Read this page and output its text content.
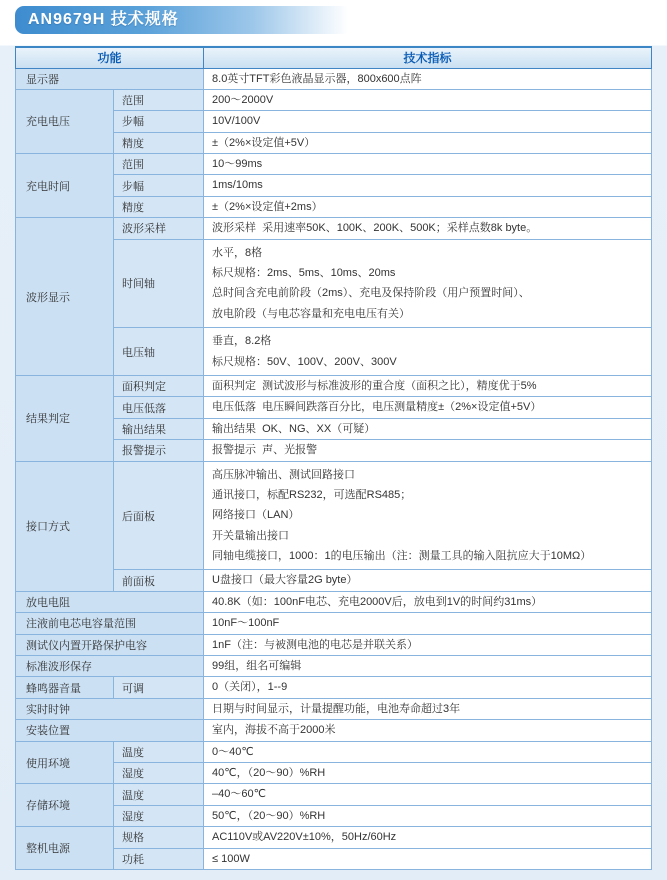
AN9679H 技术规格
功能		技术指标
显示器		8.0英寸TFT彩色液晶显示器，800x600点阵

充电电压	范围	200～2000V

	步幅	10V/100V

	精度	±（2%×设定值+5V）

充电时间	范围	10～99ms

	步幅	1ms/10ms

	精度	±（2%×设定值+2ms）

波形显示	波形采样	波形采样  采用速率50K、100K、200K、500K；采样点数8k byte。

	时间轴	水平，8格
标尺规格：2ms、5ms、10ms、20ms
总时间含充电前阶段（2ms）、充电及保持阶段（用户预置时间）、
放电阶段（与电芯容量和充电电压有关）

	电压轴	垂直，8.2格
标尺规格：50V、100V、200V、300V

结果判定	面积判定	面积判定  测试波形与标准波形的重合度（面积之比），精度优于5%

	电压低落	电压低落  电压瞬间跌落百分比，电压测量精度±（2%×设定值+5V）

	输出结果	输出结果  OK、NG、XX（可疑）

	报警提示	报警提示  声、光报警

接口方式	后面板	高压脉冲输出、测试回路接口
通讯接口，标配RS232，可选配RS485；
网络接口（LAN）
开关量输出接口
同轴电缆接口，1000：1的电压输出（注：测量工具的输入阻抗应大于10MΩ）

	前面板	U盘接口（最大容量2G byte）

放电电阻		40.8K（如：100nF电芯、充电2000V后，放电到1V的时间约31ms）

注液前电芯电容量范围		10nF～100nF

测试仪内置开路保护电容		1nF（注：与被测电池的电芯是并联关系）

标准波形保存		99组，组名可编辑

蜂鸣器音量	可调	0（关闭），1--9

实时时钟		日期与时间显示，计量提醒功能，电池寿命超过3年

安装位置		室内，海拔不高于2000米

使用环境	温度	0～40℃

	湿度	40℃，（20～90）%RH

存储环境	温度	–40～60℃

	湿度	50℃，（20～90）%RH

整机电源	规格	AC110V或AV220V±10%，50Hz/60Hz

	功耗	≤ 100W
